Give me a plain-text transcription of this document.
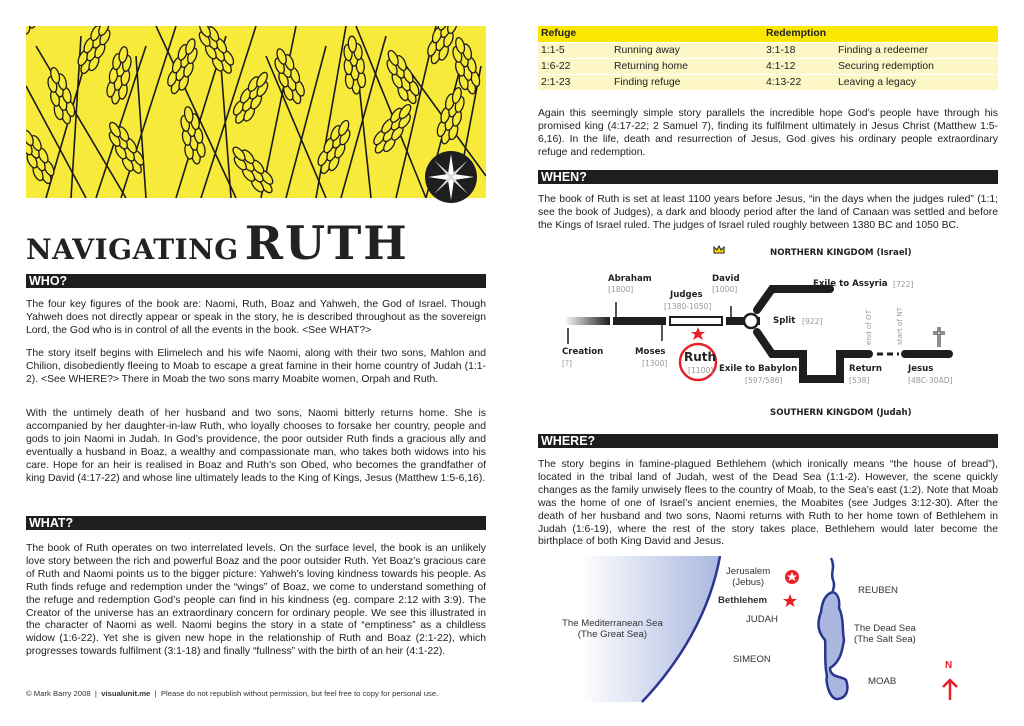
NAVIGATING RUTH
WHO?

The four key figures of the book are: Naomi, Ruth, Boaz and Yahweh, the God of Israel. Though Yahweh does not directly appear or speak in the story, he is described throughout as the sovereign Lord, the God who is in control of all the events in the book. <See WHAT?>

The story itself begins with Elimelech and his wife Naomi, along with their two sons, Mahlon and Chilion, disobediently fleeing to Moab to escape a great famine in their home country of Judah (1:1-2). <See WHERE?> There in Moab the two sons marry Moabite women, Orpah and Ruth.

With the untimely death of her husband and two sons, Naomi bitterly returns home. She is accompanied by her daughter-in-law Ruth, who loyally chooses to forsake her country, people and gods to join Naomi in Judah. In God’s providence, the poor outsider Ruth finds a gracious ally and eventually a husband in Boaz, a wealthy and compassionate man, who takes both widows into his care. Hope for an heir is realised in Boaz and Ruth’s son Obed, who becomes the grandfather of king David (4:17-22) and whose line ultimately leads to the King of Kings, Jesus (Matthew 1:5-6,16).

WHAT?

The book of Ruth operates on two interrelated levels. On the surface level, the book is an unlikely love story between the rich and powerful Boaz and the poor outsider Ruth. Yet Boaz’s gracious care of Ruth and Naomi points us to the bigger picture: Yahweh’s loving kindness towards his people. As Ruth finds refuge and redemption under the “wings” of Boaz, we come to understand something of the refuge and redemption God’s people can find in his kindness (eg. compare 2:12 with 3:9). The Creator of the universe has an extraordinary concern for ordinary people. We see this illustrated in the character of Naomi as well. Naomi begins the story in a state of “emptiness” as a childless widow (1:6-22). Yet she is given new hope in the relationship of Ruth and Boaz (2:1-22), which progresses towards fulfilment (3:1-18) and finally “fullness” with the birth of an heir (4:1-22).

© Mark Barry 2008 | visualunit.me | Please do not republish without permission, but feel free to copy for personal use.
Refuge		Redemption	
1:1-5	Running away	3:1-18	Finding a redeemer
1:6-22	Returning home	4:1-12	Securing redemption
2:1-23	Finding refuge	4:13-22	Leaving a legacy

Again this seemingly simple story parallels the incredible hope God’s people have through his promised king (4:17-22; 2 Samuel 7), finding its fulfilment ultimately in Jesus Christ (Matthew 1:5-6,16). In the life, death and resurrection of Jesus, God gives his ordinary people extraordinary refuge and redemption.

WHEN?

The book of Ruth is set at least 1100 years before Jesus, “in the days when the judges ruled” (1:1; see the book of Judges), a dark and bloody period after the land of Canaan was settled and before the Kings of Israel ruled. The judges of Israel ruled roughly between 1380 BC and 1050 BC.

NORTHERN KINGDOM (Israel)
SOUTHERN KINGDOM (Judah)
Abraham
[1800]
Judges
[1380-1050]
David
[1000]
Creation
[?]
Moses
[1300] Ruth
[1100]
Split [922]
Exile to Assyria [722]
Exile to Babylon
[597/586]
Return
[538]
Jesus
[4BC-30AD]
end of OT	start of NT
WHERE?

The story begins in famine-plagued Bethlehem (which ironically means “the house of bread”), located in the tribal land of Judah, west of the Dead Sea (1:1-2). However, the scene quickly changes as the family unwisely flees to the country of Moab, to the Sea’s east (1:2). Note that Moab was the home of one of Israel’s ancient enemies, the Moabites (see Judges 3:12-30). After the death of her husband and two sons, Naomi returns with Ruth to her home town of Bethlehem in Judah (1:6-19), where the rest of the story takes place. Bethlehem would later become the birthplace of both King David and Jesus.

The Mediterranean Sea
(The Great Sea)
Jerusalem
(Jebus)
Bethlehem
JUDAH
SIMEON
REUBEN
The Dead Sea
(The Salt Sea)
MOAB
N
